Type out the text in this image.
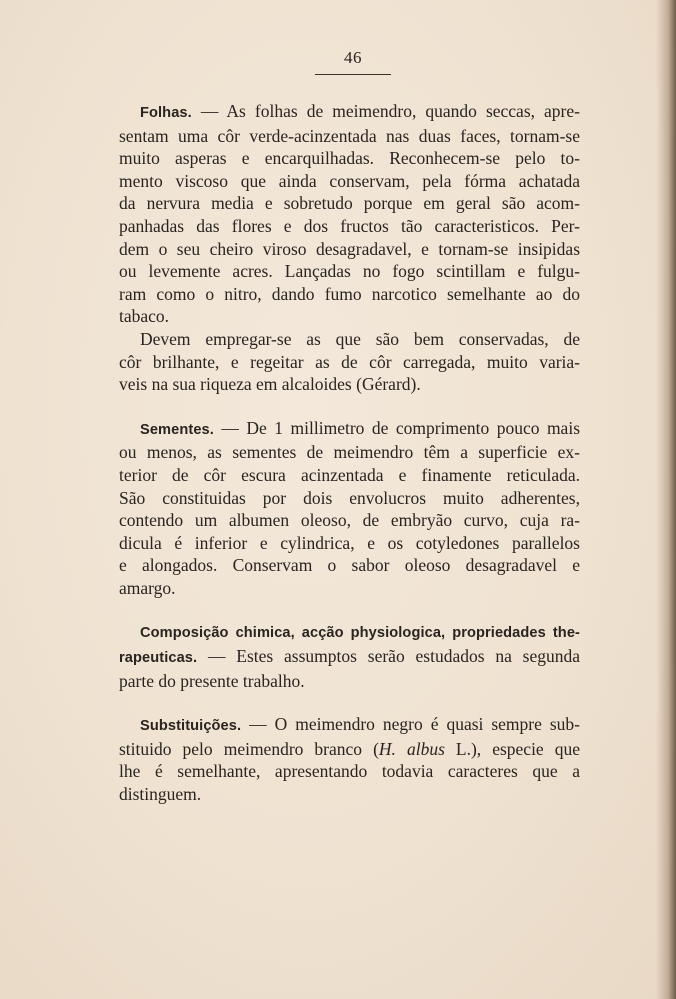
46
Folhas. — As folhas de meimendro, quando seccas, apre-
sentam uma côr verde-acinzentada nas duas faces, tornam-se
muito asperas e encarquilhadas. Reconhecem-se pelo to-
mento viscoso que ainda conservam, pela fórma achatada
da nervura media e sobretudo porque em geral são acom-
panhadas das flores e dos fructos tão caracteristicos. Per-
dem o seu cheiro viroso desagradavel, e tornam-se insipidas
ou levemente acres. Lançadas no fogo scintillam e fulgu-
ram como o nitro, dando fumo narcotico semelhante ao do
tabaco.
Devem empregar-se as que são bem conservadas, de
côr brilhante, e regeitar as de côr carregada, muito varia-
veis na sua riqueza em alcaloides (Gérard).
Sementes. — De 1 millimetro de comprimento pouco mais
ou menos, as sementes de meimendro têm a superficie ex-
terior de côr escura acinzentada e finamente reticulada.
São constituidas por dois envolucros muito adherentes,
contendo um albumen oleoso, de embryão curvo, cuja ra-
dicula é inferior e cylindrica, e os cotyledones parallelos
e alongados. Conservam o sabor oleoso desagradavel e
amargo.
Composição chimica, acção physiologica, propriedades the-
rapeuticas. — Estes assumptos serão estudados na segunda
parte do presente trabalho.
Substituições. — O meimendro negro é quasi sempre sub-
stituido pelo meimendro branco (H. albus L.), especie que
lhe é semelhante, apresentando todavia caracteres que a
distinguem.
